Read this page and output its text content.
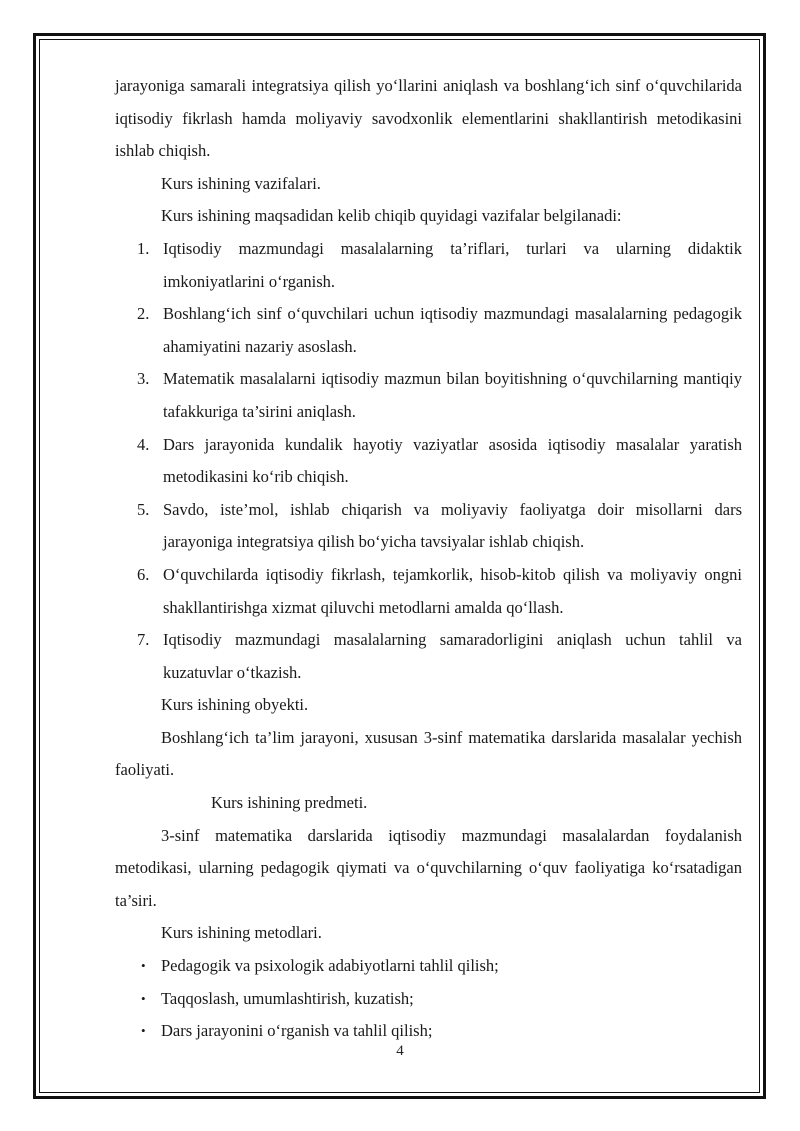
jarayoniga samarali integratsiya qilish yo‘llarini aniqlash va boshlang‘ich sinf o‘quvchilarida iqtisodiy fikrlash hamda moliyaviy savodxonlik elementlarini shakllantirish metodikasini ishlab chiqish.

Kurs ishining vazifalari.

Kurs ishining maqsadidan kelib chiqib quyidagi vazifalar belgilanadi:

1. Iqtisodiy mazmundagi masalalarning ta’riflari, turlari va ularning didaktik imkoniyatlarini o‘rganish.
2. Boshlang‘ich sinf o‘quvchilari uchun iqtisodiy mazmundagi masalalarning pedagogik ahamiyatini nazariy asoslash.
3. Matematik masalalarni iqtisodiy mazmun bilan boyitishning o‘quvchilarning mantiqiy tafakkuriga ta’sirini aniqlash.
4. Dars jarayonida kundalik hayotiy vaziyatlar asosida iqtisodiy masalalar yaratish metodikasini ko‘rib chiqish.
5. Savdo, iste’mol, ishlab chiqarish va moliyaviy faoliyatga doir misollarni dars jarayoniga integratsiya qilish bo‘yicha tavsiyalar ishlab chiqish.
6. O‘quvchilarda iqtisodiy fikrlash, tejamkorlik, hisob-kitob qilish va moliyaviy ongni shakllantirishga xizmat qiluvchi metodlarni amalda qo‘llash.
7. Iqtisodiy mazmundagi masalalarning samaradorligini aniqlash uchun tahlil va kuzatuvlar o‘tkazish.

Kurs ishining obyekti.

Boshlang‘ich ta’lim jarayoni, xususan 3-sinf matematika darslarida masalalar yechish faoliyati.

Kurs ishining predmeti.

3-sinf matematika darslarida iqtisodiy mazmundagi masalalardan foydalanish metodikasi, ularning pedagogik qiymati va o‘quvchilarning o‘quv faoliyatiga ko‘rsatadigan ta’siri.

Kurs ishining metodlari.

• Pedagogik va psixologik adabiyotlarni tahlil qilish;
• Taqqoslash, umumlashtirish, kuzatish;
• Dars jarayonini o‘rganish va tahlil qilish;
4
